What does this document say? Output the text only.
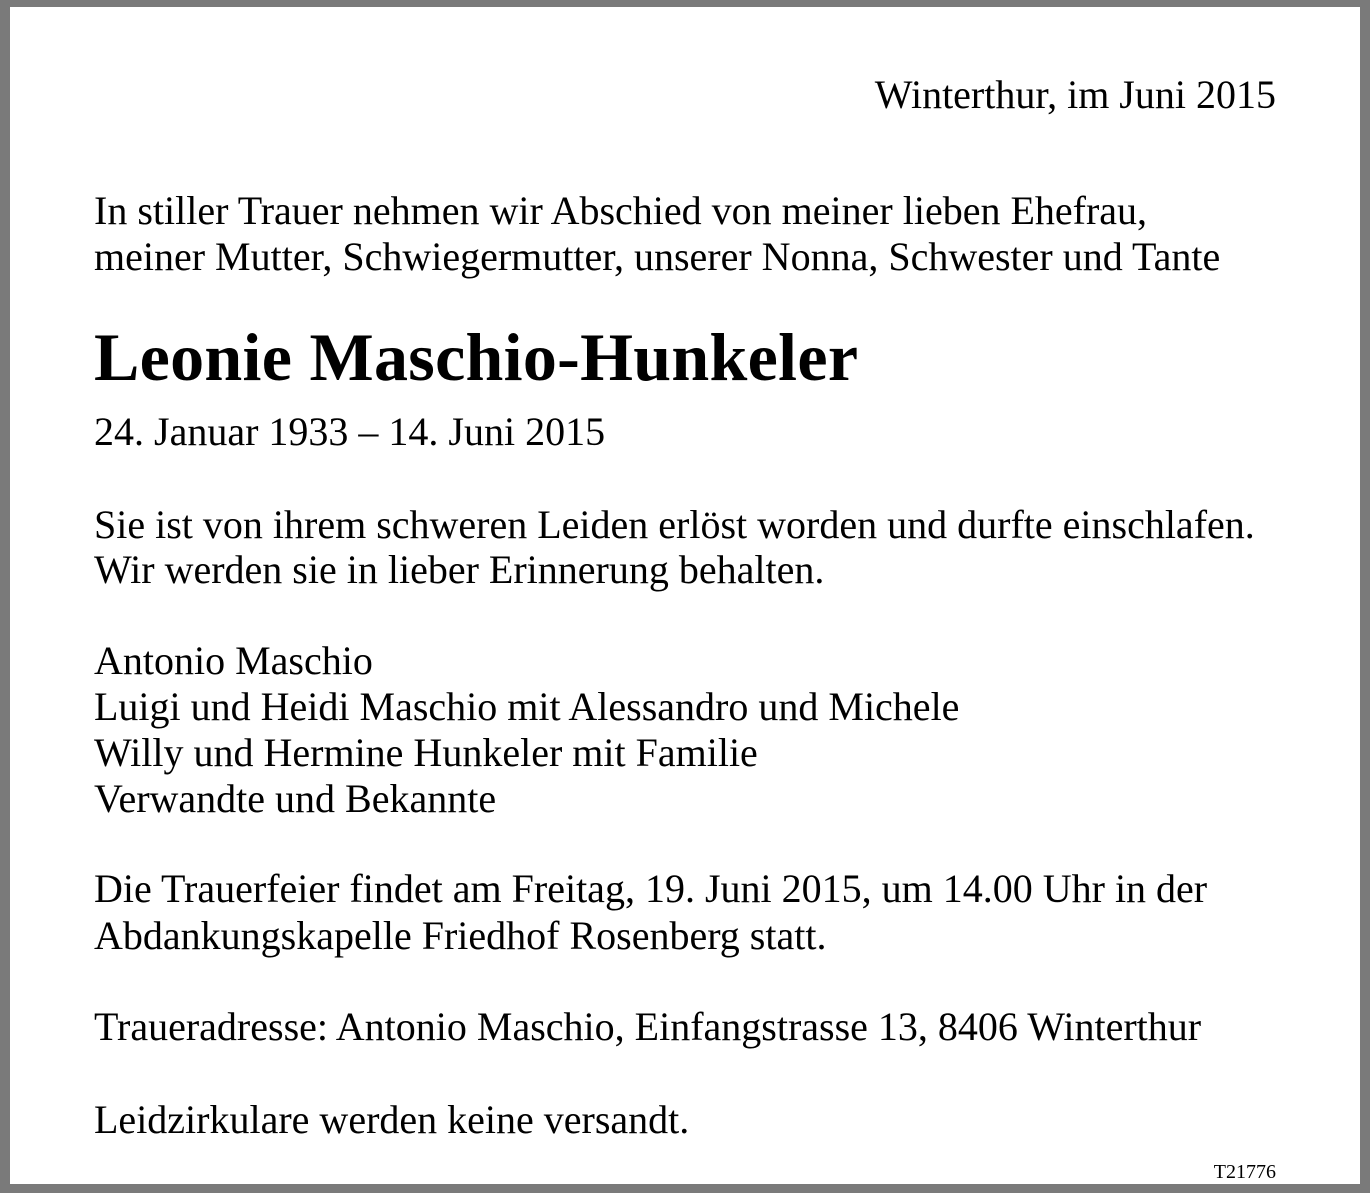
Winterthur, im Juni 2015

In stiller Trauer nehmen wir Abschied von meiner lieben Ehefrau,

meiner Mutter, Schwiegermutter, unserer Nonna, Schwester und Tante

Leonie Maschio-Hunkeler

24. Januar 1933 – 14. Juni 2015

Sie ist von ihrem schweren Leiden erlöst worden und durfte einschlafen.

Wir werden sie in lieber Erinnerung behalten.

Antonio Maschio

Luigi und Heidi Maschio mit Alessandro und Michele

Willy und Hermine Hunkeler mit Familie

Verwandte und Bekannte

Die Trauerfeier findet am Freitag, 19. Juni 2015, um 14.00 Uhr in der

Abdankungskapelle Friedhof Rosenberg statt.

Traueradresse: Antonio Maschio, Einfangstrasse 13, 8406 Winterthur

Leidzirkulare werden keine versandt.

T21776
